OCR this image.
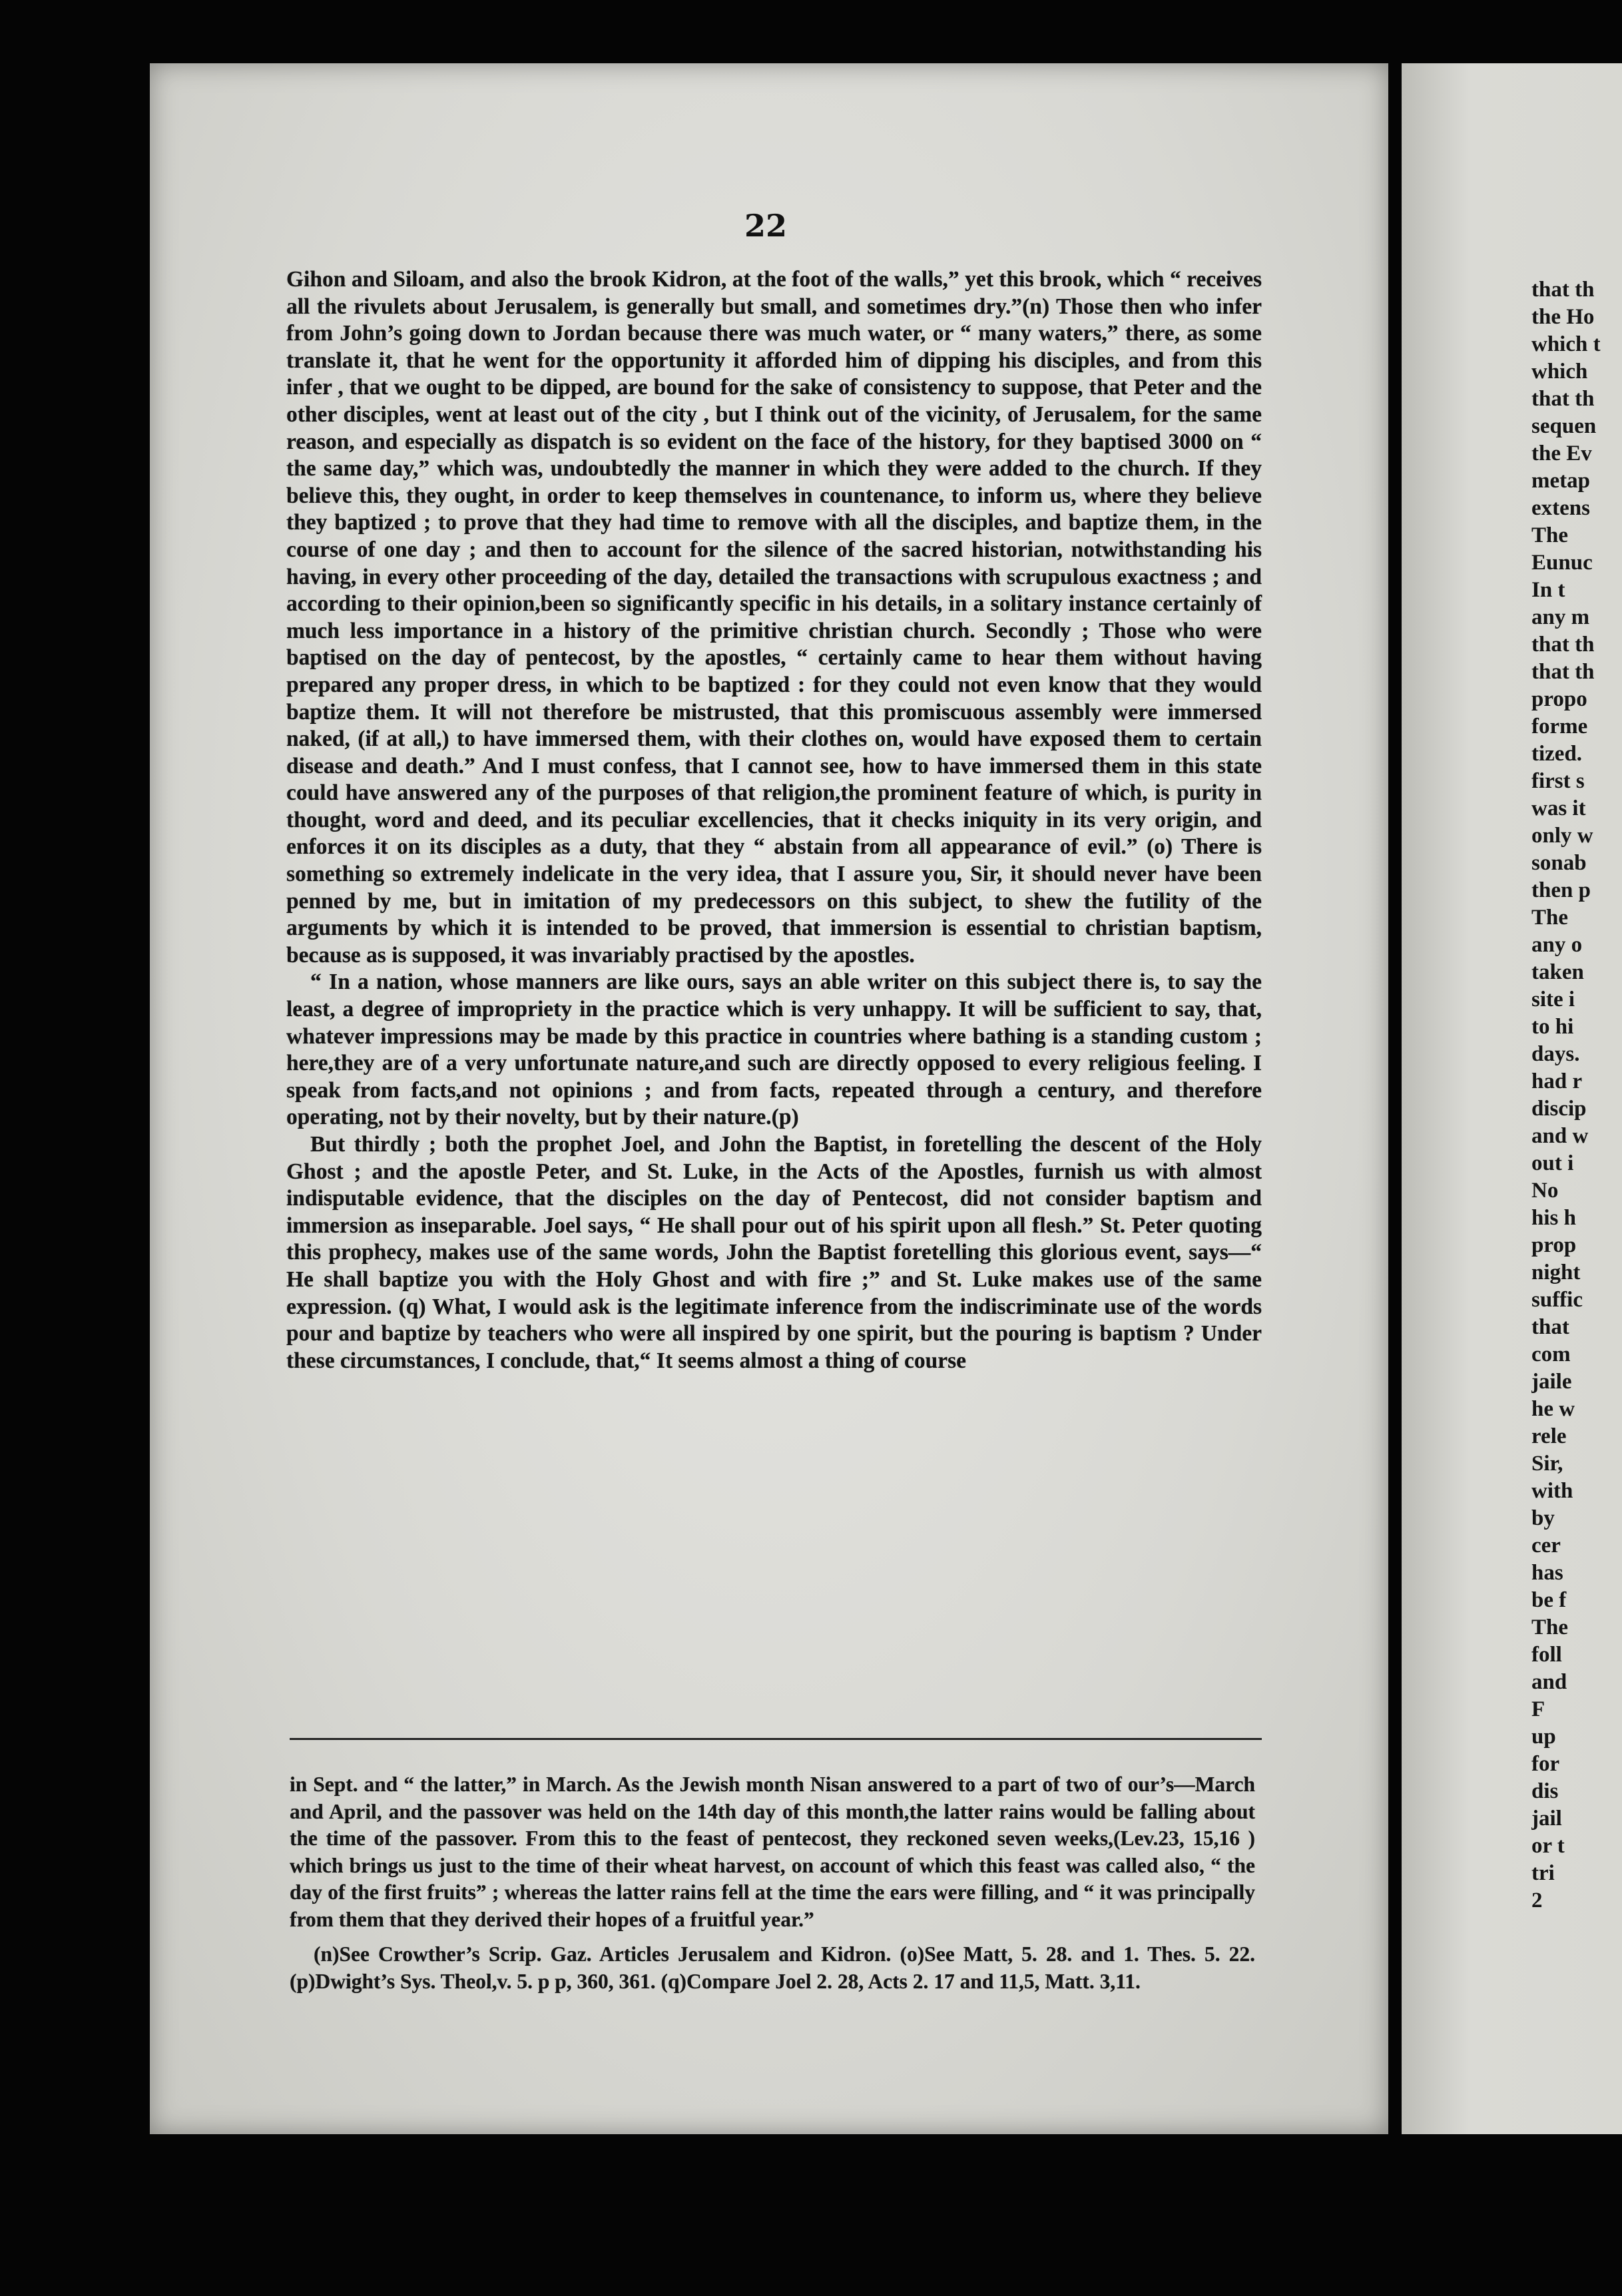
22

Gihon and Siloam, and also the brook Kidron, at the foot of the walls,” yet this brook, which “ receives all the rivulets about Jerusalem, is generally but small, and sometimes dry.”(n) Those then who infer from John’s going down to Jordan because there was much water, or “ many waters,” there, as some translate it, that he went for the opportunity it afforded him of dipping his disciples, and from this infer , that we ought to be dipped, are bound for the sake of consistency to suppose, that Peter and the other disciples, went at least out of the city , but I think out of the vicinity, of Jerusalem, for the same reason, and especially as dispatch is so evident on the face of the history, for they baptised 3000 on “ the same day,” which was, undoubtedly the manner in which they were added to the church. If they believe this, they ought, in order to keep themselves in countenance, to inform us, where they believe they baptized ; to prove that they had time to remove with all the disciples, and baptize them, in the course of one day ; and then to account for the silence of the sacred historian, notwithstanding his having, in every other proceeding of the day, detailed the transactions with scrupulous exactness ; and according to their opinion,been so significantly specific in his details, in a solitary instance certainly of much less importance in a history of the primitive christian church. Secondly ; Those who were baptised on the day of pentecost, by the apostles, “ certainly came to hear them without having prepared any proper dress, in which to be baptized : for they could not even know that they would baptize them. It will not therefore be mistrusted, that this promiscuous assembly were immersed naked, (if at all,) to have immersed them, with their clothes on, would have exposed them to certain disease and death.” And I must confess, that I cannot see, how to have immersed them in this state could have answered any of the purposes of that religion,the prominent feature of which, is purity in thought, word and deed, and its peculiar excellencies, that it checks iniquity in its very origin, and enforces it on its disciples as a duty, that they “ abstain from all appearance of evil.” (o) There is something so extremely indelicate in the very idea, that I assure you, Sir, it should never have been penned by me, but in imitation of my predecessors on this subject, to shew the futility of the arguments by which it is intended to be proved, that immersion is essential to christian baptism, because as is supposed, it was invariably practised by the apostles.

“ In a nation, whose manners are like ours, says an able writer on this subject there is, to say the least, a degree of impropriety in the practice which is very unhappy. It will be sufficient to say, that, whatever impressions may be made by this practice in countries where bathing is a standing custom ; here,they are of a very unfortunate nature,and such are directly opposed to every religious feeling. I speak from facts,and not opinions ; and from facts, repeated through a century, and therefore operating, not by their novelty, but by their nature.(p)

But thirdly ; both the prophet Joel, and John the Baptist, in foretelling the descent of the Holy Ghost ; and the apostle Peter, and St. Luke, in the Acts of the Apostles, furnish us with almost indisputable evidence, that the disciples on the day of Pentecost, did not consider baptism and immersion as inseparable. Joel says, “ He shall pour out of his spirit upon all flesh.” St. Peter quoting this prophecy, makes use of the same words, John the Baptist foretelling this glorious event, says—“ He shall baptize you with the Holy Ghost and with fire ;” and St. Luke makes use of the same expression. (q) What, I would ask is the legitimate inference from the indiscriminate use of the words pour and baptize by teachers who were all inspired by one spirit, but the pouring is baptism ? Under these circumstances, I conclude, that,“ It seems almost a thing of course

in Sept. and “ the latter,” in March. As the Jewish month Nisan answered to a part of two of our’s—March and April, and the passover was held on the 14th day of this month,the latter rains would be falling about the time of the passover. From this to the feast of pentecost, they reckoned seven weeks,(Lev.23, 15,16 ) which brings us just to the time of their wheat harvest, on account of which this feast was called also, “ the day of the first fruits” ; whereas the latter rains fell at the time the ears were filling, and “ it was principally from them that they derived their hopes of a fruitful year.”

(n)See Crowther’s Scrip. Gaz. Articles Jerusalem and Kidron. (o)See Matt, 5. 28. and 1. Thes. 5. 22. (p)Dwight’s Sys. Theol,v. 5. p p, 360, 361. (q)Compare Joel 2. 28, Acts 2. 17 and 11,5, Matt. 3,11.

that th
the Ho
which t
which
that th
sequen
the Ev
metap
extens
The
Eunuc
In t
any m
that th
that th
propo
forme
tized.
first s
was it
only w
sonab
then p
The
any o
taken
site i
to hi
days.
had r
discip
and w
out i
No
his h
prop
night
suffic
that
com
jaile
he w
rele
Sir,
with
by
cer
has
be f
The
foll
and
F
up
for
dis
jail
or t
tri
2
